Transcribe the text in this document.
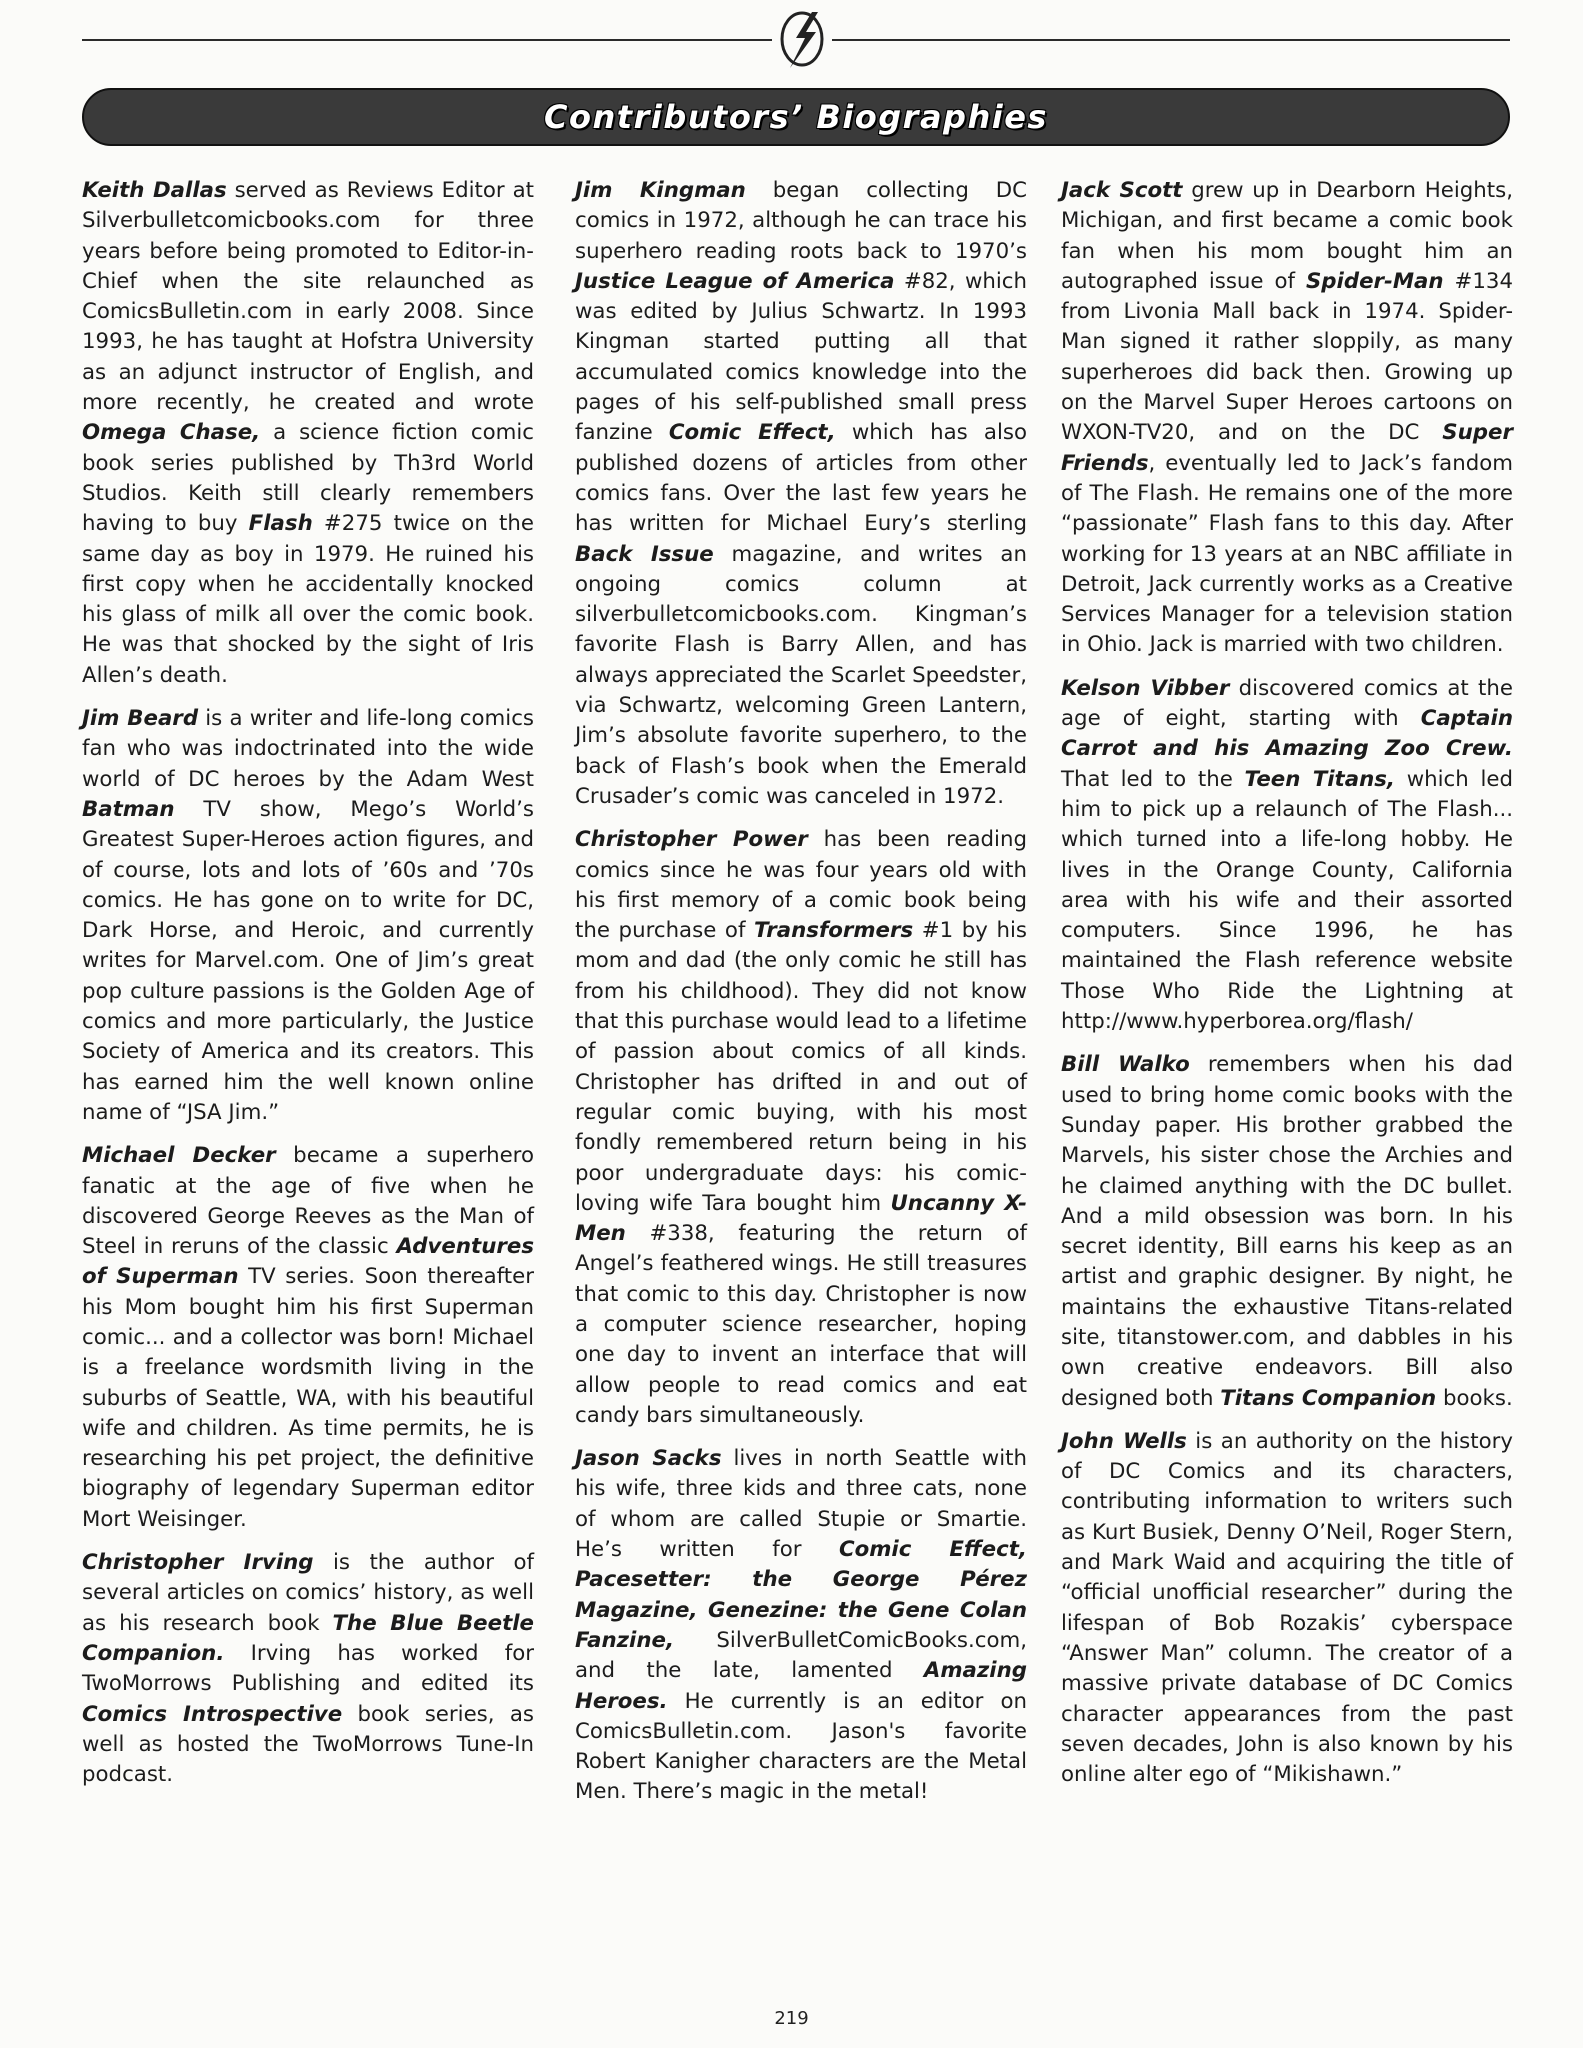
Contributors’ Biographies

Keith Dallas served as Reviews Editor at Silverbulletcomicbooks.com for three years before being promoted to Editor-in-Chief when the site relaunched as ComicsBulletin.com in early 2008. Since 1993, he has taught at Hofstra University as an adjunct instructor of English, and more recently, he created and wrote Omega Chase, a science fiction comic book series published by Th3rd World Studios. Keith still clearly remembers having to buy Flash #275 twice on the same day as boy in 1979. He ruined his first copy when he accidentally knocked his glass of milk all over the comic book. He was that shocked by the sight of Iris Allen’s death.

Jim Beard is a writer and life-long comics fan who was indoctrinated into the wide world of DC heroes by the Adam West Batman TV show, Mego’s World’s Greatest Super-Heroes action figures, and of course, lots and lots of ’60s and ’70s comics. He has gone on to write for DC, Dark Horse, and Heroic, and currently writes for Marvel.com. One of Jim’s great pop culture passions is the Golden Age of comics and more particularly, the Justice Society of America and its creators. This has earned him the well known online name of “JSA Jim.”

Michael Decker became a superhero fanatic at the age of five when he discovered George Reeves as the Man of Steel in reruns of the classic Adventures of Superman TV series. Soon thereafter his Mom bought him his first Superman comic... and a collector was born! Michael is a freelance wordsmith living in the suburbs of Seattle, WA, with his beautiful wife and children. As time permits, he is researching his pet project, the definitive biography of legendary Superman editor Mort Weisinger.

Christopher Irving is the author of several articles on comics’ history, as well as his research book The Blue Beetle Companion. Irving has worked for TwoMorrows Publishing and edited its Comics Introspective book series, as well as hosted the TwoMorrows Tune-In podcast.

Jim Kingman began collecting DC comics in 1972, although he can trace his superhero reading roots back to 1970’s Justice League of America #82, which was edited by Julius Schwartz. In 1993 Kingman started putting all that accumulated comics knowledge into the pages of his self-published small press fanzine Comic Effect, which has also published dozens of articles from other comics fans. Over the last few years he has written for Michael Eury’s sterling Back Issue magazine, and writes an ongoing comics column at silverbulletcomicbooks.com. Kingman’s favorite Flash is Barry Allen, and has always appreciated the Scarlet Speedster, via Schwartz, welcoming Green Lantern, Jim’s absolute favorite superhero, to the back of Flash’s book when the Emerald Crusader’s comic was canceled in 1972.

Christopher Power has been reading comics since he was four years old with his first memory of a comic book being the purchase of Transformers #1 by his mom and dad (the only comic he still has from his childhood). They did not know that this purchase would lead to a lifetime of passion about comics of all kinds. Christopher has drifted in and out of regular comic buying, with his most fondly remembered return being in his poor undergraduate days: his comic-loving wife Tara bought him Uncanny X-Men #338, featuring the return of Angel’s feathered wings. He still treasures that comic to this day. Christopher is now a computer science researcher, hoping one day to invent an interface that will allow people to read comics and eat candy bars simultaneously.

Jason Sacks lives in north Seattle with his wife, three kids and three cats, none of whom are called Stupie or Smartie. He’s written for Comic Effect, Pacesetter: the George Pérez Magazine, Genezine: the Gene Colan Fanzine, SilverBulletComicBooks.com, and the late, lamented Amazing Heroes. He currently is an editor on ComicsBulletin.com. Jason's favorite Robert Kanigher characters are the Metal Men. There’s magic in the metal!

Jack Scott grew up in Dearborn Heights, Michigan, and first became a comic book fan when his mom bought him an autographed issue of Spider-Man #134 from Livonia Mall back in 1974. Spider-Man signed it rather sloppily, as many superheroes did back then. Growing up on the Marvel Super Heroes cartoons on WXON-TV20, and on the DC Super Friends, eventually led to Jack’s fandom of The Flash. He remains one of the more “passionate” Flash fans to this day. After working for 13 years at an NBC affiliate in Detroit, Jack currently works as a Creative Services Manager for a television station in Ohio. Jack is married with two children.

Kelson Vibber discovered comics at the age of eight, starting with Captain Carrot and his Amazing Zoo Crew. That led to the Teen Titans, which led him to pick up a relaunch of The Flash... which turned into a life-long hobby. He lives in the Orange County, California area with his wife and their assorted computers. Since 1996, he has maintained the Flash reference website Those Who Ride the Lightning at http://www.hyperborea.org/flash/

Bill Walko remembers when his dad used to bring home comic books with the Sunday paper. His brother grabbed the Marvels, his sister chose the Archies and he claimed anything with the DC bullet. And a mild obsession was born. In his secret identity, Bill earns his keep as an artist and graphic designer. By night, he maintains the exhaustive Titans-related site, titanstower.com, and dabbles in his own creative endeavors. Bill also designed both Titans Companion books.

John Wells is an authority on the history of DC Comics and its characters, contributing information to writers such as Kurt Busiek, Denny O’Neil, Roger Stern, and Mark Waid and acquiring the title of “official unofficial researcher” during the lifespan of Bob Rozakis’ cyberspace “Answer Man” column. The creator of a massive private database of DC Comics character appearances from the past seven decades, John is also known by his online alter ego of “Mikishawn.”

219
